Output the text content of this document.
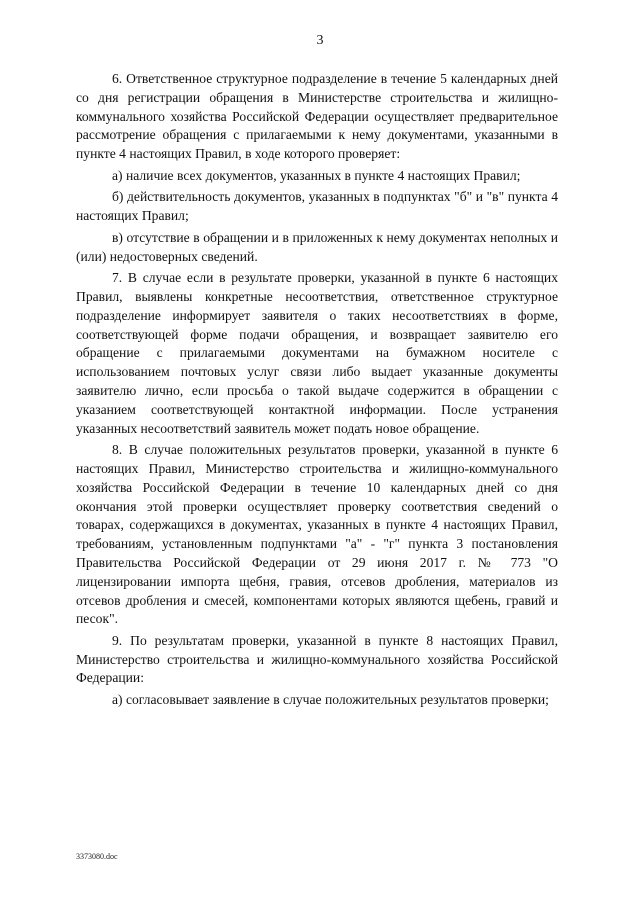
3

6. Ответственное структурное подразделение в течение 5 календарных дней со дня регистрации обращения в Министерстве строительства и жилищно-коммунального хозяйства Российской Федерации осуществляет предварительное рассмотрение обращения с прилагаемыми к нему документами, указанными в пункте 4 настоящих Правил, в ходе которого проверяет:

а) наличие всех документов, указанных в пункте 4 настоящих Правил;

б) действительность документов, указанных в подпунктах "б" и "в" пункта 4 настоящих Правил;

в) отсутствие в обращении и в приложенных к нему документах неполных и (или) недостоверных сведений.

7. В случае если в результате проверки, указанной в пункте 6 настоящих Правил, выявлены конкретные несоответствия, ответственное структурное подразделение информирует заявителя о таких несоответствиях в форме, соответствующей форме подачи обращения, и возвращает заявителю его обращение с прилагаемыми документами на бумажном носителе с использованием почтовых услуг связи либо выдает указанные документы заявителю лично, если просьба о такой выдаче содержится в обращении с указанием соответствующей контактной информации. После устранения указанных несоответствий заявитель может подать новое обращение.

8. В случае положительных результатов проверки, указанной в пункте 6 настоящих Правил, Министерство строительства и жилищно-коммунального хозяйства Российской Федерации в течение 10 календарных дней со дня окончания этой проверки осуществляет проверку соответствия сведений о товарах, содержащихся в документах, указанных в пункте 4 настоящих Правил, требованиям, установленным подпунктами "а" - "г" пункта 3 постановления Правительства Российской Федерации от 29 июня 2017 г. № 773 "О лицензировании импорта щебня, гравия, отсевов дробления, материалов из отсевов дробления и смесей, компонентами которых являются щебень, гравий и песок".

9. По результатам проверки, указанной в пункте 8 настоящих Правил, Министерство строительства и жилищно-коммунального хозяйства Российской Федерации:

а) согласовывает заявление в случае положительных результатов проверки;

3373080.doc
